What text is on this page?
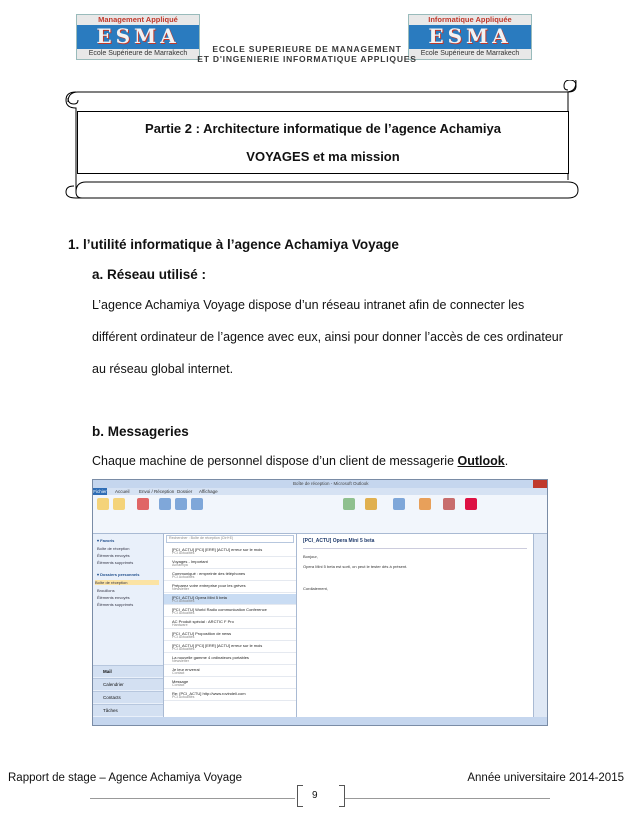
Management Appliqué
ESMA
Ecole Supérieure de Marrakech
Informatique Appliquée
ESMA
Ecole Supérieure de Marrakech
ECOLE SUPERIEURE DE MANAGEMENT
ET D'INGENIERIE INFORMATIQUE APPLIQUES
Partie 2 : Architecture informatique de l’agence Achamiya
VOYAGES et ma mission
1. l’utilité informatique à l’agence Achamiya Voyage
a. Réseau utilisé :

L’agence Achamiya Voyage dispose d’un réseau intranet afin de connecter les

différent ordinateur de l’agence avec eux, ainsi pour donner l’accès de ces ordinateur

au réseau global internet.

b. Messageries

Chaque machine de personnel dispose d’un client de messagerie Outlook.

Boîte de réception - Microsoft Outlook
Fichier Accueil Envoi / Réception Dossier Affichage
▾ Favoris
Boîte de réception
Éléments envoyés
Éléments supprimés
▾ Dossiers personnels
Boîte de réception
Brouillons
Éléments envoyés
Éléments supprimés
Mail
Calendrier
Contacts
Tâches
Rechercher : Boîte de réception (Ctrl+E)
[PCI_ACTU] [PCI] [ERR] [ACTU] erreur sur le mois
PCI Actualités
Voyages - Important
Achamiya
Communiqué : empreinte des téléphones
PCI Actualités
Préparez votre entreprise pour les grèves
Newsletter
[PCI_ACTU] Opera Mini 5 beta
PCI Actualités
[PCI_ACTU] World Radio communication Conference
PCI Actualités
AC Produit spécial : ARCTIC F Pro
Hardware
[PCI_ACTU] Proposition de news
PCI Actualités
[PCI_ACTU] [PCI] [ERR] [ACTU] erreur sur le mois
PCI Actualités
La nouvelle gamme 4 ordinateurs portables
Newsletter
Je leur enverrai
Contact
Message
Contact
Re: [PCI_ACTU] http://www.rovindeli.com
PCI Actualités
[PCI_ACTU] Opera Mini 5 beta
Bonjour,
Opera Mini 5 beta est sorti, on peut le tester dès à présent.
Cordialement,
Rapport de stage – Agence Achamiya Voyage	Année universitaire 2014-2015
9
